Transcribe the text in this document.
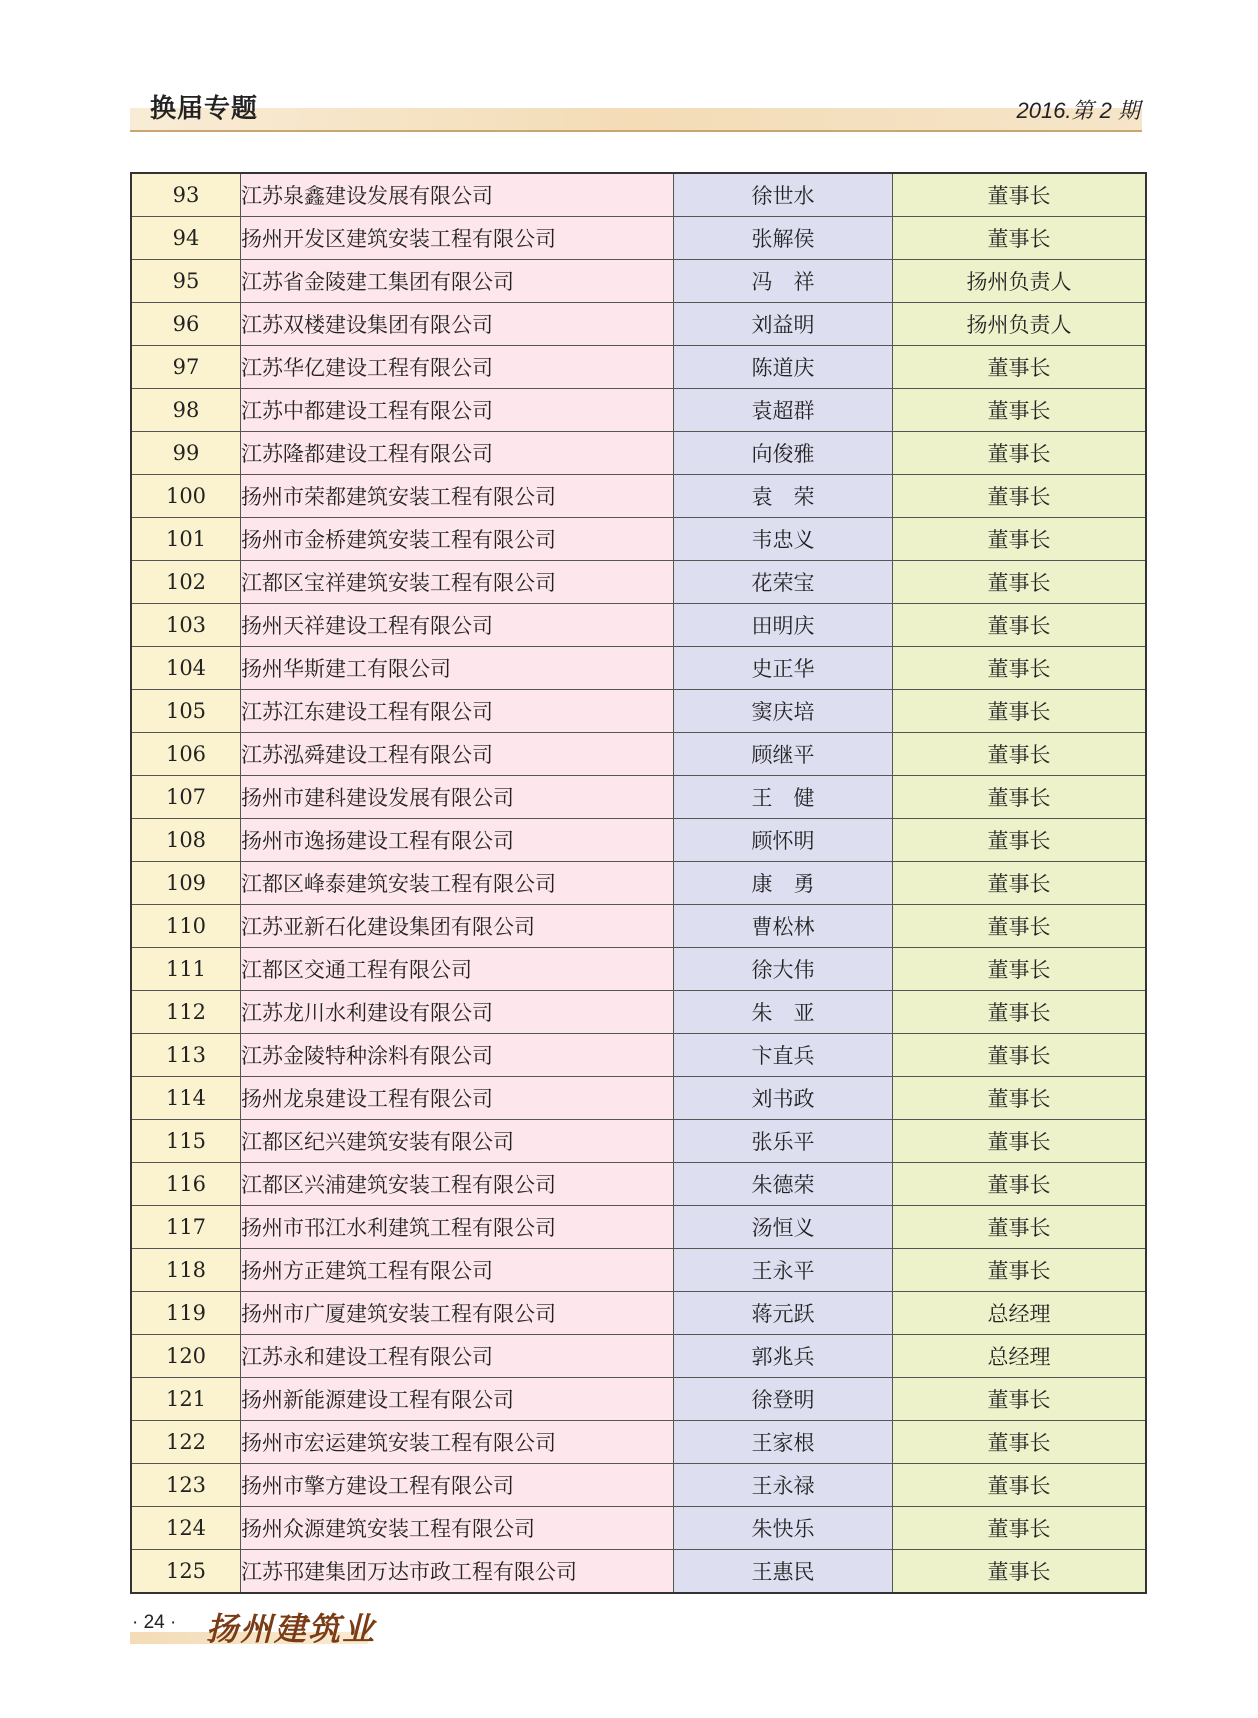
换届专题	2016.第 2 期
93	江苏泉鑫建设发展有限公司	徐世水	董事长
94	扬州开发区建筑安装工程有限公司	张解侯	董事长
95	江苏省金陵建工集团有限公司	冯　祥	扬州负责人
96	江苏双楼建设集团有限公司	刘益明	扬州负责人
97	江苏华亿建设工程有限公司	陈道庆	董事长
98	江苏中都建设工程有限公司	袁超群	董事长
99	江苏隆都建设工程有限公司	向俊雅	董事长
100	扬州市荣都建筑安装工程有限公司	袁　荣	董事长
101	扬州市金桥建筑安装工程有限公司	韦忠义	董事长
102	江都区宝祥建筑安装工程有限公司	花荣宝	董事长
103	扬州天祥建设工程有限公司	田明庆	董事长
104	扬州华斯建工有限公司	史正华	董事长
105	江苏江东建设工程有限公司	窦庆培	董事长
106	江苏泓舜建设工程有限公司	顾继平	董事长
107	扬州市建科建设发展有限公司	王　健	董事长
108	扬州市逸扬建设工程有限公司	顾怀明	董事长
109	江都区峰泰建筑安装工程有限公司	康　勇	董事长
110	江苏亚新石化建设集团有限公司	曹松林	董事长
111	江都区交通工程有限公司	徐大伟	董事长
112	江苏龙川水利建设有限公司	朱　亚	董事长
113	江苏金陵特种涂料有限公司	卞直兵	董事长
114	扬州龙泉建设工程有限公司	刘书政	董事长
115	江都区纪兴建筑安装有限公司	张乐平	董事长
116	江都区兴浦建筑安装工程有限公司	朱德荣	董事长
117	扬州市邗江水利建筑工程有限公司	汤恒义	董事长
118	扬州方正建筑工程有限公司	王永平	董事长
119	扬州市广厦建筑安装工程有限公司	蒋元跃	总经理
120	江苏永和建设工程有限公司	郭兆兵	总经理
121	扬州新能源建设工程有限公司	徐登明	董事长
122	扬州市宏运建筑安装工程有限公司	王家根	董事长
123	扬州市擎方建设工程有限公司	王永禄	董事长
124	扬州众源建筑安装工程有限公司	朱快乐	董事长
125	江苏邗建集团万达市政工程有限公司	王惠民	董事长
· 24 · 扬州建筑业
